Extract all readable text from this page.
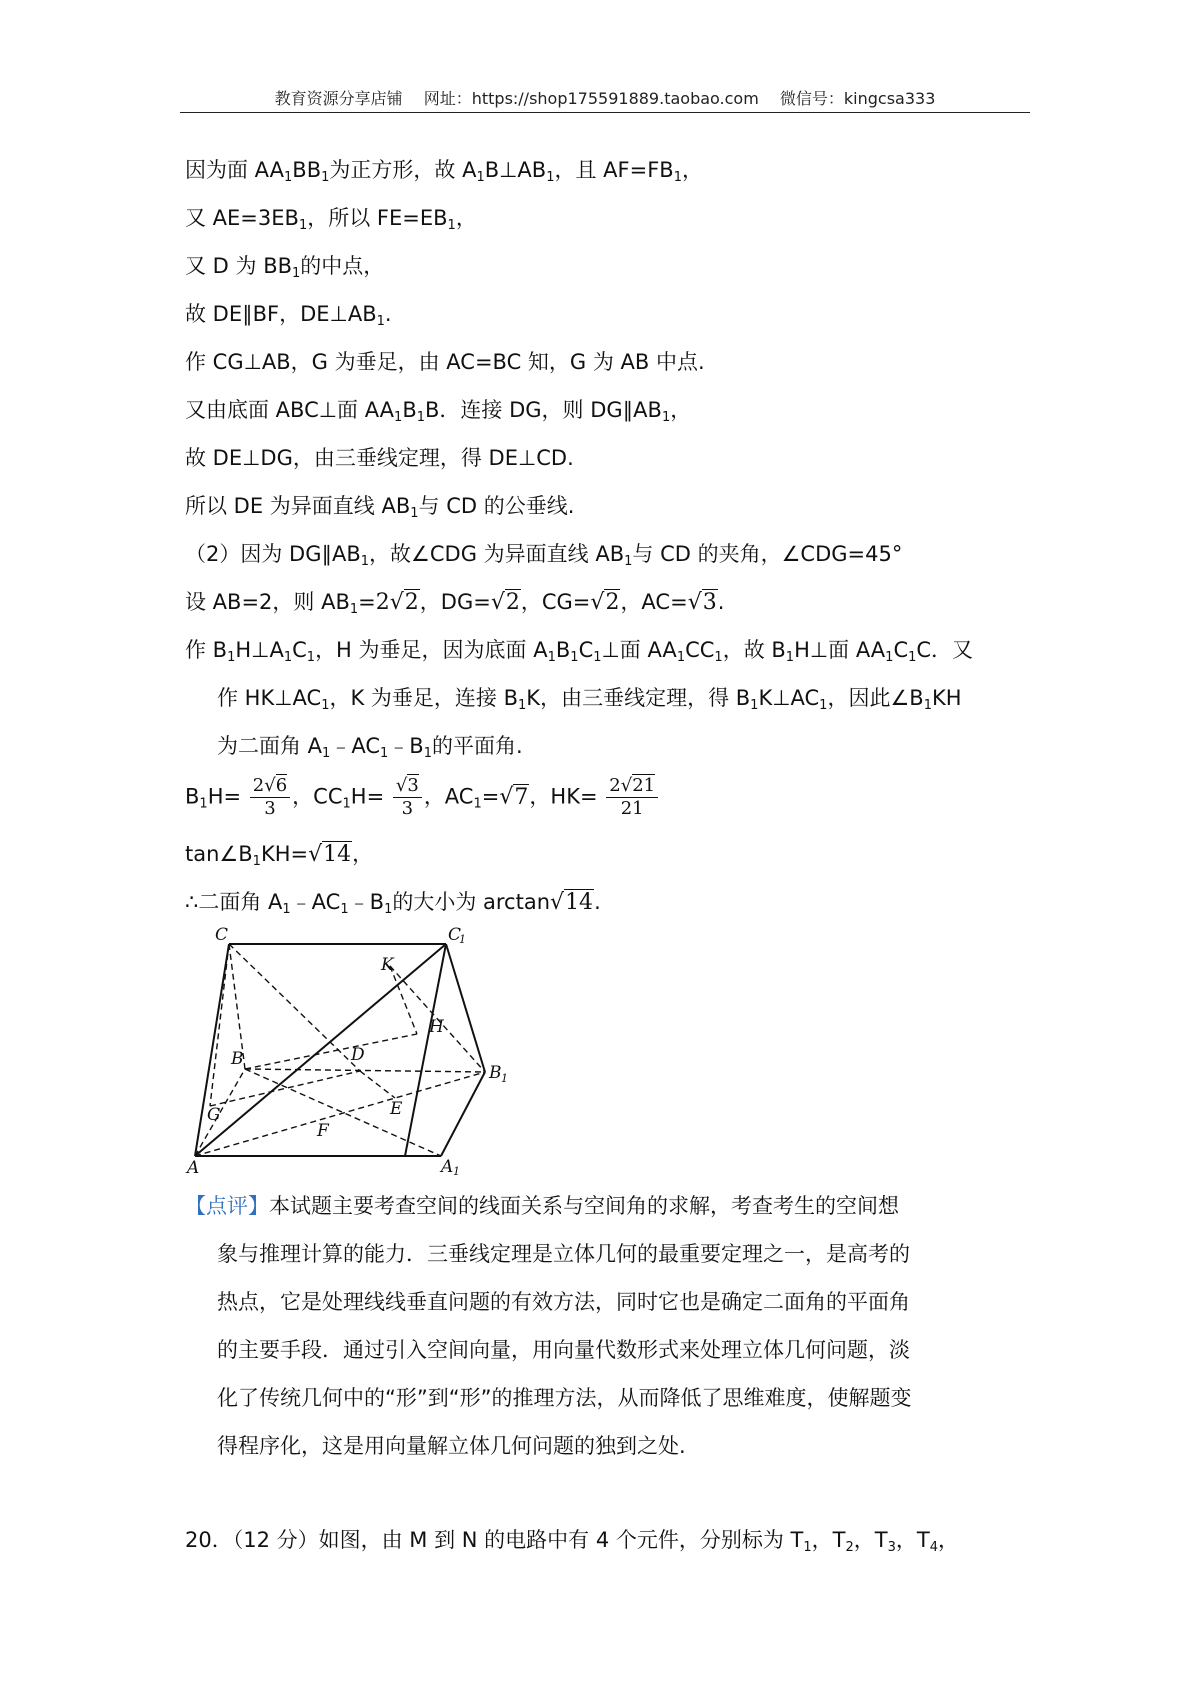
教育资源分享店铺 网址：https://shop175591889.taobao.com 微信号：kingcsa333
因为面 $AA_1BB_1$为正方形，故 $A_1B\perp AB_1$，且 $AF=FB_1$，
又 $AE=3EB_1$，所以 $FE=EB_1$，
又 D 为 $BB_1$的中点，
故 DE∥BF，$DE\perp AB_1$.
作 CG⊥AB，G 为垂足，由 AC=BC 知，G 为 AB 中点.
又由底面 ABC⊥面 $AA_1B_1B$．连接 DG，则 $DG\parallel AB_1$，
故 DE⊥DG，由三垂线定理，得 DE⊥CD.
所以 DE 为异面直线 $AB_1$与 CD 的公垂线.
（2）因为 $DG\parallel AB_1$，故∠CDG 为异面直线 $AB_1$与 CD 的夹角，∠CDG=45°
设 AB=2，则 $AB_1=2√2$，DG=√2，CG=√2，AC=√3.
作 $B_1H\perp A_1C_1$，H 为垂足，因为底面 $A_1B_1C_1\perp$面 $AA_1CC_1$，故 $B_1H\perp$面 $AA_1C_1C$．又
作 $HK\perp AC_1$，K 为垂足，连接 $B_1K$，由三垂线定理，得 $B_1K\perp AC_1$，因此$\angle B_1KH$
为二面角 $A_1﹣AC_1﹣B_1$的平面角.
$B_1H= \frac{2√6}{3}$ ，$CC_1H= \frac{√3}{3}$ ，$AC_1=√7$，$HK= \frac{2√21}{21}$
$\tan\angle B_1KH=√14$，
∴二面角 $A_1﹣AC_1﹣B_1$的大小为 arctan√14.
C	C
1
K
H
B	D
B 1
E
G
F
A	A 1
【点评】本试题主要考查空间的线面关系与空间角的求解，考查考生的空间想
象与推理计算的能力．三垂线定理是立体几何的最重要定理之一，是高考的
热点，它是处理线线垂直问题的有效方法，同时它也是确定二面角的平面角
的主要手段．通过引入空间向量，用向量代数形式来处理立体几何问题，淡
化了传统几何中的“形”到“形”的推理方法，从而降低了思维难度，使解题变
得程序化，这是用向量解立体几何问题的独到之处.
20．（12 分）如图，由 M 到 N 的电路中有 4 个元件，分别标为 $T_1$，$T_2$，$T_3$，$T_4$，
